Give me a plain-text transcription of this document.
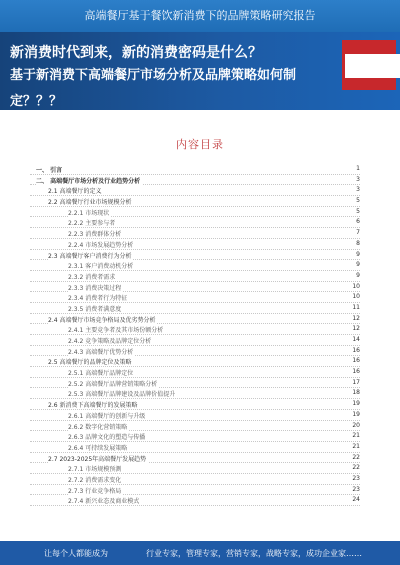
高端餐厅基于餐饮新消费下的品牌策略研究报告
新消费时代到来，新的消费密码是什么？
基于新消费下高端餐厅市场分析及品牌策略如何制
定？？？
内容目录
一、 引言	1
二、 高端餐厅市场分析及行业趋势分析	3
2.1 高端餐厅的定义	3
2.2 高端餐厅行业市场规模分析	5
2.2.1 市场现状	5
2.2.2 主要参与者	6
2.2.3 消费群体分析	7
2.2.4 市场发展趋势分析	8
2.3 高端餐厅客户消费行为分析	9
2.3.1 客户消费动机分析	9
2.3.2 消费者需求	9
2.3.3 消费决策过程	10
2.3.4 消费者行为特征	10
2.3.5 消费者满意度	11
2.4 高端餐厅市场竞争格局及优劣势分析	12
2.4.1 主要竞争者及其市场份额分析	12
2.4.2 竞争策略及品牌定位分析	14
2.4.3 高端餐厅优势分析	16
2.5 高端餐厅的品牌定位及策略	16
2.5.1 高端餐厅品牌定位	16
2.5.2 高端餐厅品牌营销策略分析	17
2.5.3 高端餐厅品牌建设及品牌价值提升	18
2.6 新消费下高端餐厅的发展策略	19
2.6.1 高端餐厅的创新与升级	19
2.6.2 数字化营销策略	20
2.6.3 品牌文化的塑造与传播	21
2.6.4 可持续发展策略	21
2.7 2023-2025年高端餐厅发展趋势	22
2.7.1 市场规模预测	22
2.7.2 消费需求变化	23
2.7.3 行业竞争格局	23
2.7.4 新兴业态及商业模式	24
让每个人都能成为	行业专家，管理专家，营销专家，战略专家，成功企业家……
